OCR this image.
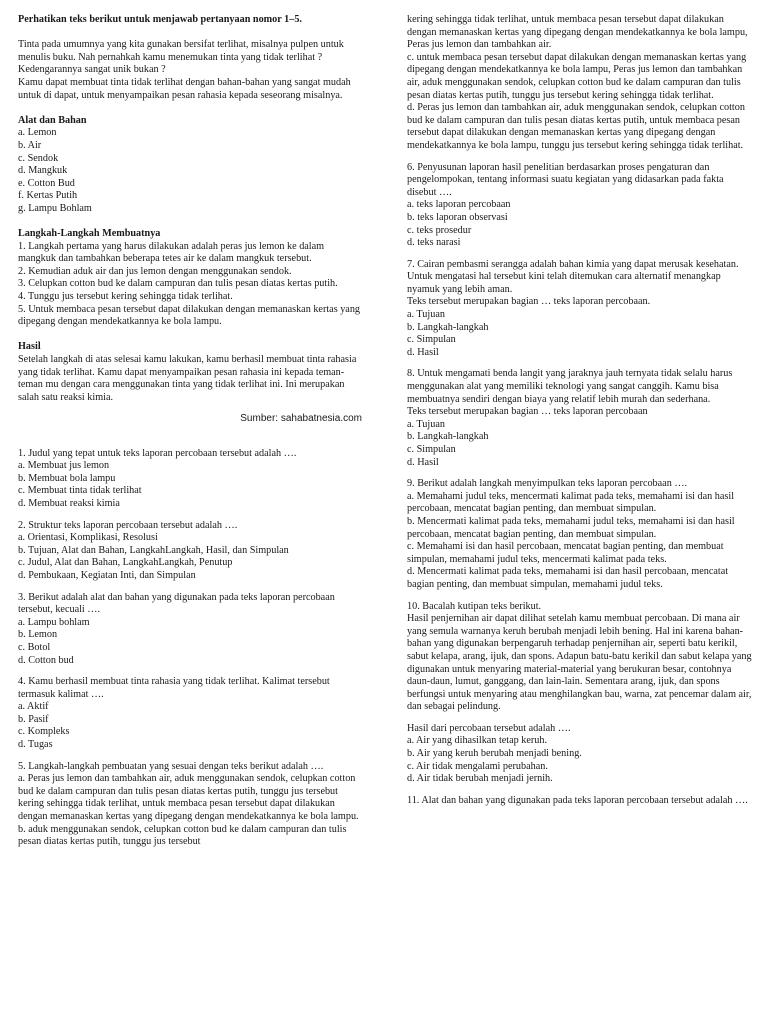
Perhatikan teks berikut untuk menjawab pertanyaan nomor 1–5.

Tinta pada umumnya yang kita gunakan bersifat terlihat, misalnya pulpen untuk menulis buku. Nah pernahkah kamu menemukan tinta yang tidak terlihat ? Kedengarannya sangat unik bukan ?
Kamu dapat membuat tinta tidak terlihat dengan bahan-bahan yang sangat mudah untuk di dapat, untuk menyampaikan pesan rahasia kepada seseorang misalnya.

Alat dan Bahan

a. Lemon

b. Air

c. Sendok

d. Mangkuk

e. Cotton Bud

f. Kertas Putih

g. Lampu Bohlam

Langkah-Langkah Membuatnya

1. Langkah pertama yang harus dilakukan adalah peras jus lemon ke dalam mangkuk dan tambahkan beberapa tetes air ke dalam mangkuk tersebut.
2. Kemudian aduk air dan jus lemon dengan menggunakan sendok.
3. Celupkan cotton bud ke dalam campuran dan tulis pesan diatas kertas putih.
4. Tunggu jus tersebut kering sehingga tidak terlihat.
5. Untuk membaca pesan tersebut dapat dilakukan dengan memanaskan kertas yang dipegang dengan mendekatkannya ke bola lampu.

Hasil

Setelah langkah di atas selesai kamu lakukan, kamu berhasil membuat tinta rahasia yang tidak terlihat. Kamu dapat menyampaikan pesan rahasia ini kepada teman-teman mu dengan cara menggunakan tinta yang tidak terlihat ini. Ini merupakan salah satu reaksi kimia.

Sumber: sahabatnesia.com

1. Judul yang tepat untuk teks laporan percobaan tersebut adalah ….
a. Membuat jus lemon
b. Membuat bola lampu
c. Membuat tinta tidak terlihat
d. Membuat reaksi kimia

2. Struktur teks laporan percobaan tersebut adalah ….
a. Orientasi, Komplikasi, Resolusi
b. Tujuan, Alat dan Bahan, LangkahLangkah, Hasil, dan Simpulan
c. Judul, Alat dan Bahan, LangkahLangkah, Penutup
d. Pembukaan, Kegiatan Inti, dan Simpulan

3. Berikut adalah alat dan bahan yang digunakan pada teks laporan percobaan tersebut, kecuali ….
a. Lampu bohlam
b. Lemon
c. Botol
d. Cotton bud

4. Kamu berhasil membuat tinta rahasia yang tidak terlihat. Kalimat tersebut termasuk kalimat ….
a. Aktif
b. Pasif
c. Kompleks
d. Tugas

5. Langkah-langkah pembuatan yang sesuai dengan teks berikut adalah ….
a. Peras jus lemon dan tambahkan air, aduk menggunakan sendok, celupkan cotton bud ke dalam campuran dan tulis pesan diatas kertas putih, tunggu jus tersebut kering sehingga tidak terlihat, untuk membaca pesan tersebut dapat dilakukan dengan memanaskan kertas yang dipegang dengan mendekatkannya ke bola lampu.
b. aduk menggunakan sendok, celupkan cotton bud ke dalam campuran dan tulis pesan diatas kertas putih, tunggu jus tersebut

kering sehingga tidak terlihat, untuk membaca pesan tersebut dapat dilakukan dengan memanaskan kertas yang dipegang dengan mendekatkannya ke bola lampu, Peras jus lemon dan tambahkan air.
c. untuk membaca pesan tersebut dapat dilakukan dengan memanaskan kertas yang dipegang dengan mendekatkannya ke bola lampu, Peras jus lemon dan tambahkan air, aduk menggunakan sendok, celupkan cotton bud ke dalam campuran dan tulis pesan diatas kertas putih, tunggu jus tersebut kering sehingga tidak terlihat.
d. Peras jus lemon dan tambahkan air, aduk menggunakan sendok, celupkan cotton bud ke dalam campuran dan tulis pesan diatas kertas putih, untuk membaca pesan tersebut dapat dilakukan dengan memanaskan kertas yang dipegang dengan mendekatkannya ke bola lampu, tunggu jus tersebut kering sehingga tidak terlihat.

6. Penyusunan laporan hasil penelitian berdasarkan proses pengaturan dan pengelompokan, tentang informasi suatu kegiatan yang didasarkan pada fakta disebut ….
a. teks laporan percobaan
b. teks laporan observasi
c. teks prosedur
d. teks narasi

7. Cairan pembasmi serangga adalah bahan kimia yang dapat merusak kesehatan. Untuk mengatasi hal tersebut kini telah ditemukan cara alternatif menangkap nyamuk yang lebih aman.
Teks tersebut merupakan bagian … teks laporan percobaan.
a. Tujuan
b. Langkah-langkah
c. Simpulan
d. Hasil

8. Untuk mengamati benda langit yang jaraknya jauh ternyata tidak selalu harus menggunakan alat yang memiliki teknologi yang sangat canggih. Kamu bisa membuatnya sendiri dengan biaya yang relatif lebih murah dan sederhana.
Teks tersebut merupakan bagian … teks laporan percobaan
a. Tujuan
b. Langkah-langkah
c. Simpulan
d. Hasil

9. Berikut adalah langkah menyimpulkan teks laporan percobaan ….
a. Memahami judul teks, mencermati kalimat pada teks, memahami isi dan hasil percobaan, mencatat bagian penting, dan membuat simpulan.
b. Mencermati kalimat pada teks, memahami judul teks, memahami isi dan hasil percobaan, mencatat bagian penting, dan membuat simpulan.
c. Memahami isi dan hasil percobaan, mencatat bagian penting, dan membuat simpulan, memahami judul teks, mencermati kalimat pada teks.
d. Mencermati kalimat pada teks, memahami isi dan hasil percobaan, mencatat bagian penting, dan membuat simpulan, memahami judul teks.

10. Bacalah kutipan teks berikut.
Hasil penjernihan air dapat dilihat setelah kamu membuat percobaan. Di mana air yang semula warnanya keruh berubah menjadi lebih bening. Hal ini karena bahan-bahan yang digunakan berpengaruh terhadap penjernihan air, seperti batu kerikil, sabut kelapa, arang, ijuk, dan spons. Adapun batu-batu kerikil dan sabut kelapa yang digunakan untuk menyaring material-material yang berukuran besar, contohnya daun-daun, lumut, ganggang, dan lain-lain. Sementara arang, ijuk, dan spons berfungsi untuk menyaring atau menghilangkan bau, warna, zat pencemar dalam air, dan sebagai pelindung.

Hasil dari percobaan tersebut adalah ….
a. Air yang dihasilkan tetap keruh.
b. Air yang keruh berubah menjadi bening.
c. Air tidak mengalami perubahan.
d. Air tidak berubah menjadi jernih.

11. Alat dan bahan yang digunakan pada teks laporan percobaan tersebut adalah ….
